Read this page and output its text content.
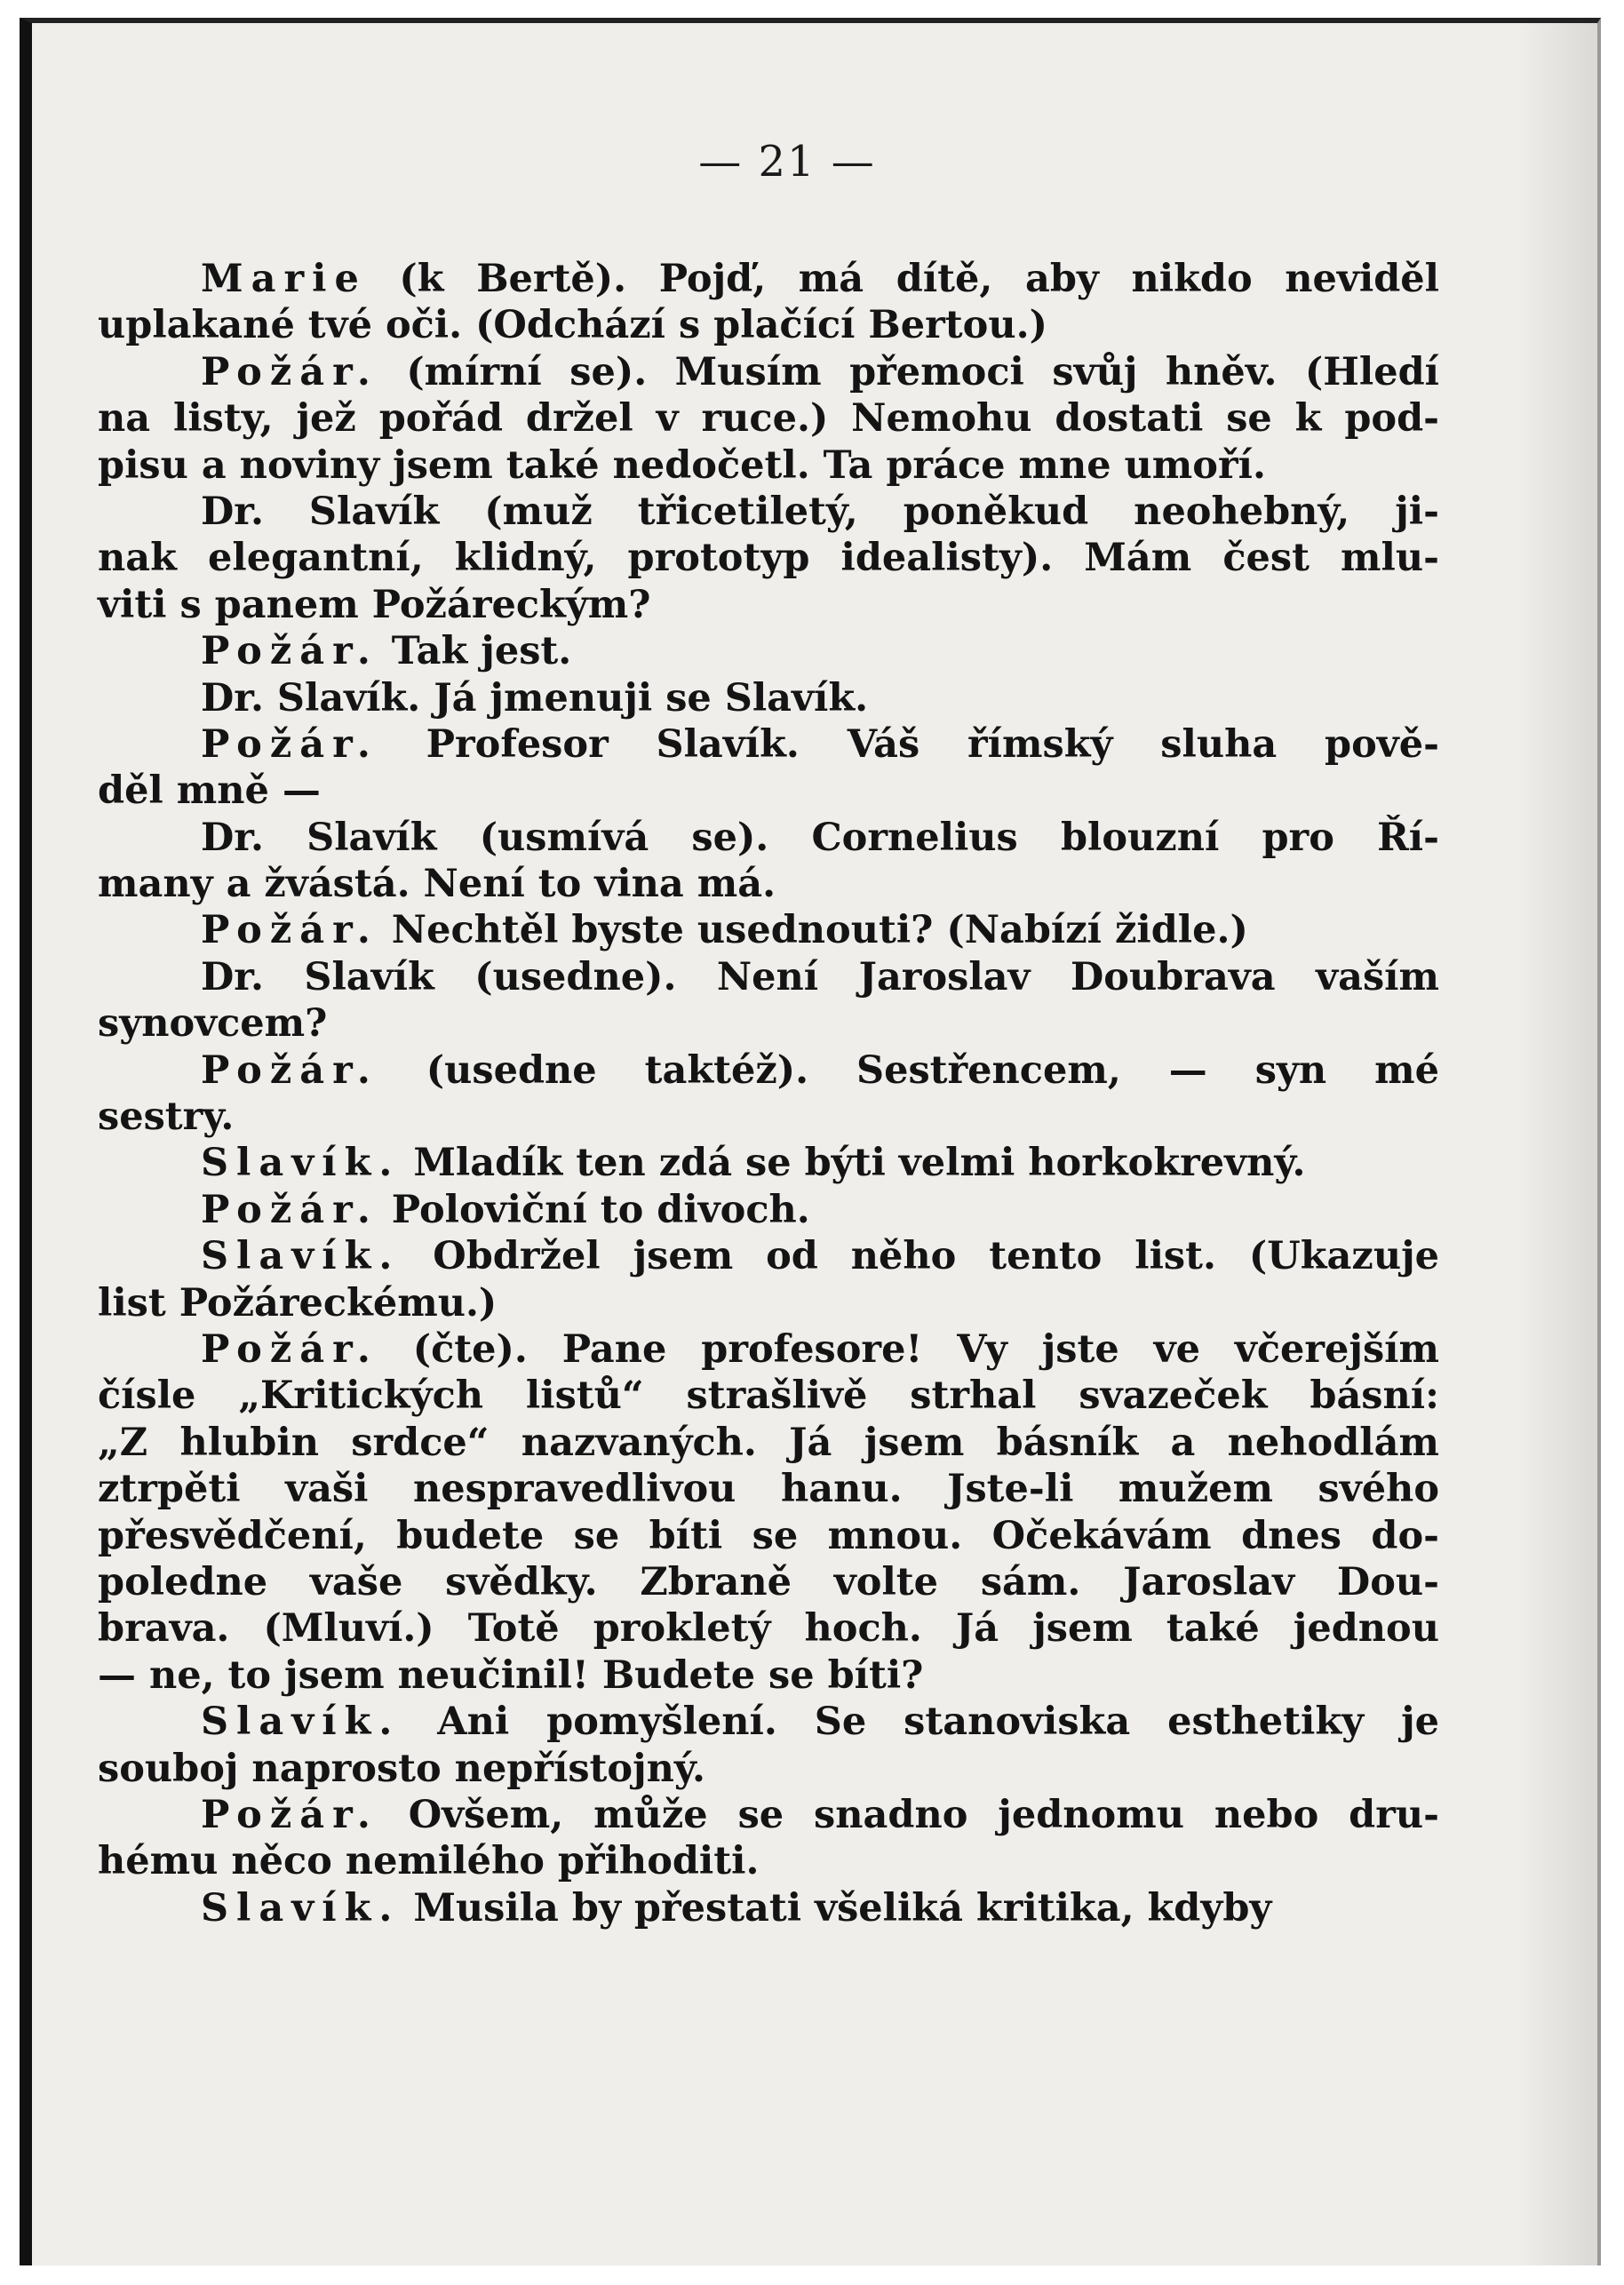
— 21 —
Marie (k Bertě). Pojď, má dítě, aby nikdo neviděl
uplakané tvé oči. (Odchází s plačící Bertou.)
Požár. (mírní se). Musím přemoci svůj hněv. (Hledí
na listy, jež pořád držel v ruce.) Nemohu dostati se k pod-
pisu a noviny jsem také nedočetl. Ta práce mne umoří.
Dr. Slavík (muž třicetiletý, poněkud neohebný, ji-
nak elegantní, klidný, prototyp idealisty). Mám čest mlu-
viti s panem Požáreckým?
Požár. Tak jest.
Dr. Slavík. Já jmenuji se Slavík.
Požár. Profesor Slavík. Váš římský sluha pově-
děl mně —
Dr. Slavík (usmívá se). Cornelius blouzní pro Ří-
many a žvástá. Není to vina má.
Požár. Nechtěl byste usednouti? (Nabízí židle.)
Dr. Slavík (usedne). Není Jaroslav Doubrava vaším
synovcem?
Požár. (usedne taktéž). Sestřencem, — syn mé
sestry.
Slavík. Mladík ten zdá se býti velmi horkokrevný.
Požár. Poloviční to divoch.
Slavík. Obdržel jsem od něho tento list. (Ukazuje
list Požáreckému.)
Požár. (čte). Pane profesore! Vy jste ve včerejším
čísle „Kritických listů“ strašlivě strhal svazeček básní:
„Z hlubin srdce“ nazvaných. Já jsem básník a nehodlám
ztrpěti vaši nespravedlivou hanu. Jste-li mužem svého
přesvědčení, budete se bíti se mnou. Očekávám dnes do-
poledne vaše svědky. Zbraně volte sám. Jaroslav Dou-
brava. (Mluví.) Totě prokletý hoch. Já jsem také jednou
— ne, to jsem neučinil! Budete se bíti?
Slavík. Ani pomyšlení. Se stanoviska esthetiky je
souboj naprosto nepřístojný.
Požár. Ovšem, může se snadno jednomu nebo dru-
hému něco nemilého přihoditi.
Slavík. Musila by přestati všeliká kritika, kdyby
